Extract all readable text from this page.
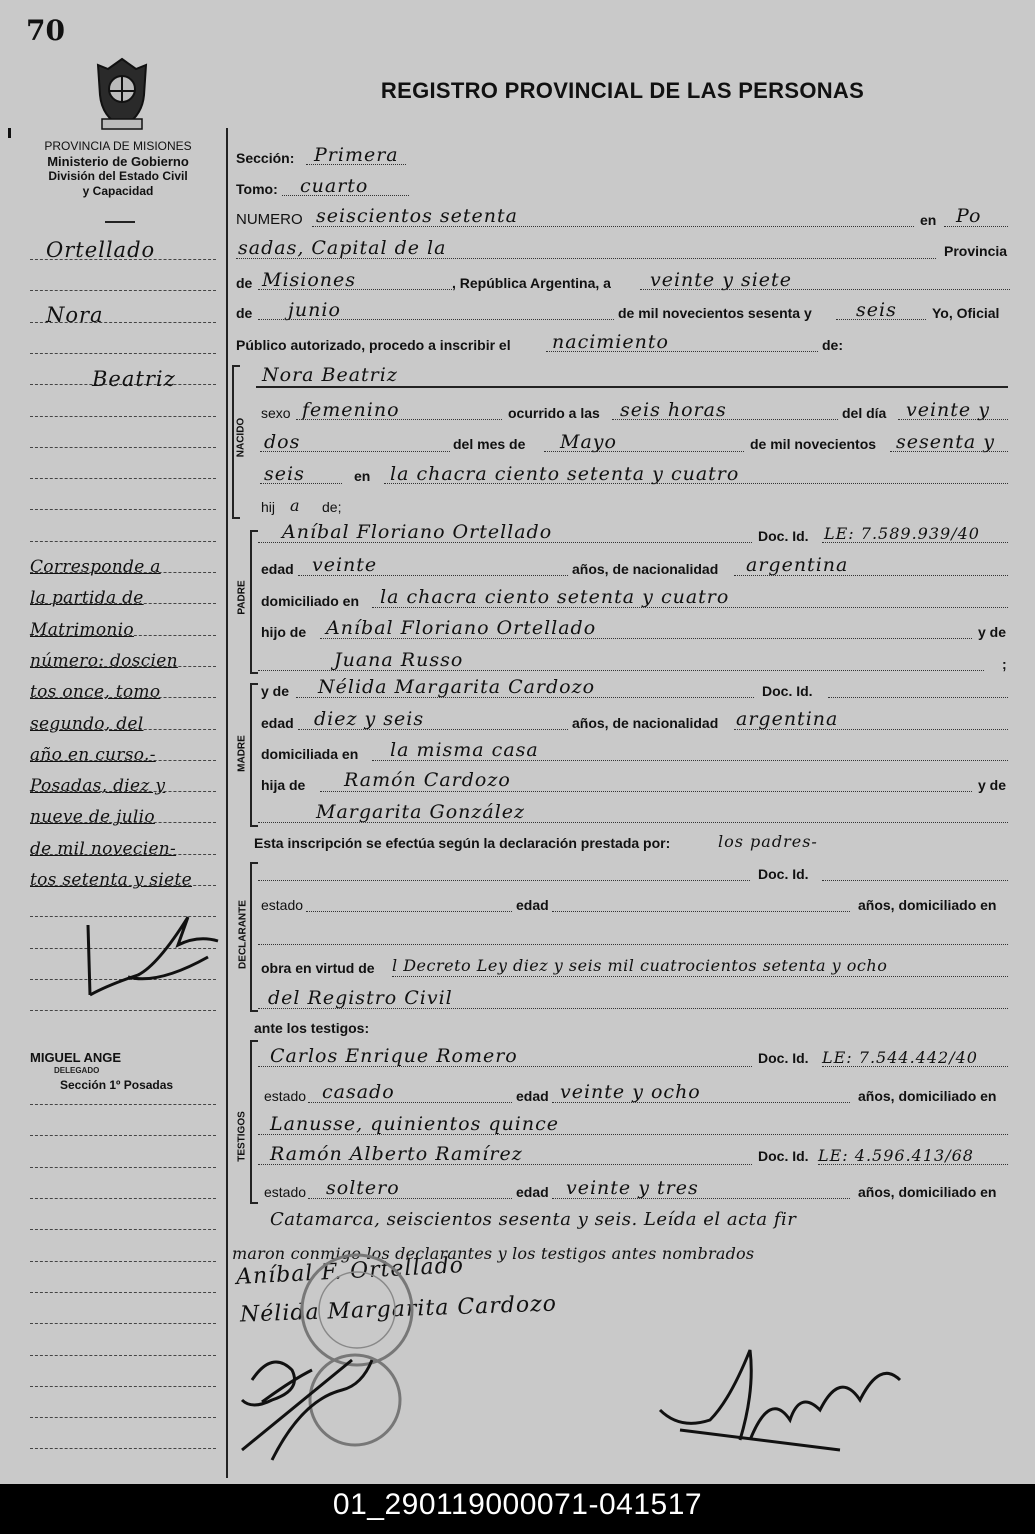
70
REGISTRO PROVINCIAL DE LAS PERSONAS
PROVINCIA DE MISIONES
Ministerio de Gobierno
División del Estado Civil
y Capacidad
Ortellado
Nora
Beatriz
Corresponde a
la partida de
Matrimonio
número: doscien
tos once, tomo
segundo, del
año en curso.-
Posadas, diez y
nueve de julio
de mil novecien-
tos setenta y siete
MIGUEL ANGE
DELEGADO
Sección 1º Posadas
Sección: Primera
Tomo: cuarto
NUMERO seiscientos setenta	en Po
sadas, Capital de la	Provincia
de Misiones	, República Argentina, a veinte y siete
de junio	de mil novecientos sesenta y seis	Yo, Oficial
Público autorizado, procedo a inscribir el nacimiento	de:
NACIDO
Nora Beatriz
sexo femenino	ocurrido a las seis horas	del día veinte y
dos	del mes de Mayo	de mil novecientos sesenta y
seis	en la chacra ciento setenta y cuatro
hij a de;
PADRE
Aníbal Floriano Ortellado	Doc. Id. LE: 7.589.939/40
edad veinte	años, de nacionalidad argentina
domiciliado en la chacra ciento setenta y cuatro
hijo de Aníbal Floriano Ortellado	y de
Juana Russo	;
MADRE
y de Nélida Margarita Cardozo	Doc. Id.
edad diez y seis	años, de nacionalidad argentina
domiciliada en la misma casa
hija de Ramón Cardozo	y de
Margarita González
Esta inscripción se efectúa según la declaración prestada por:	los padres-
DECLARANTE
Doc. Id.
estado	edad	años, domiciliado en
obra en virtud de l Decreto Ley diez y seis mil cuatrocientos setenta y ocho
del Registro Civil
ante los testigos:
TESTIGOS
Carlos Enrique Romero	Doc. Id. LE: 7.544.442/40
estado casado	edad veinte y ocho	años, domiciliado en
Lanusse, quinientos quince
Ramón Alberto Ramírez	Doc. Id. LE: 4.596.413/68
estado soltero	edad veinte y tres	años, domiciliado en
Catamarca, seiscientos sesenta y seis. Leída el acta fir
maron conmigo los declarantes y los testigos antes nombrados
Aníbal F. Ortellado
Nélida Margarita Cardozo
01_290119000071-041517
